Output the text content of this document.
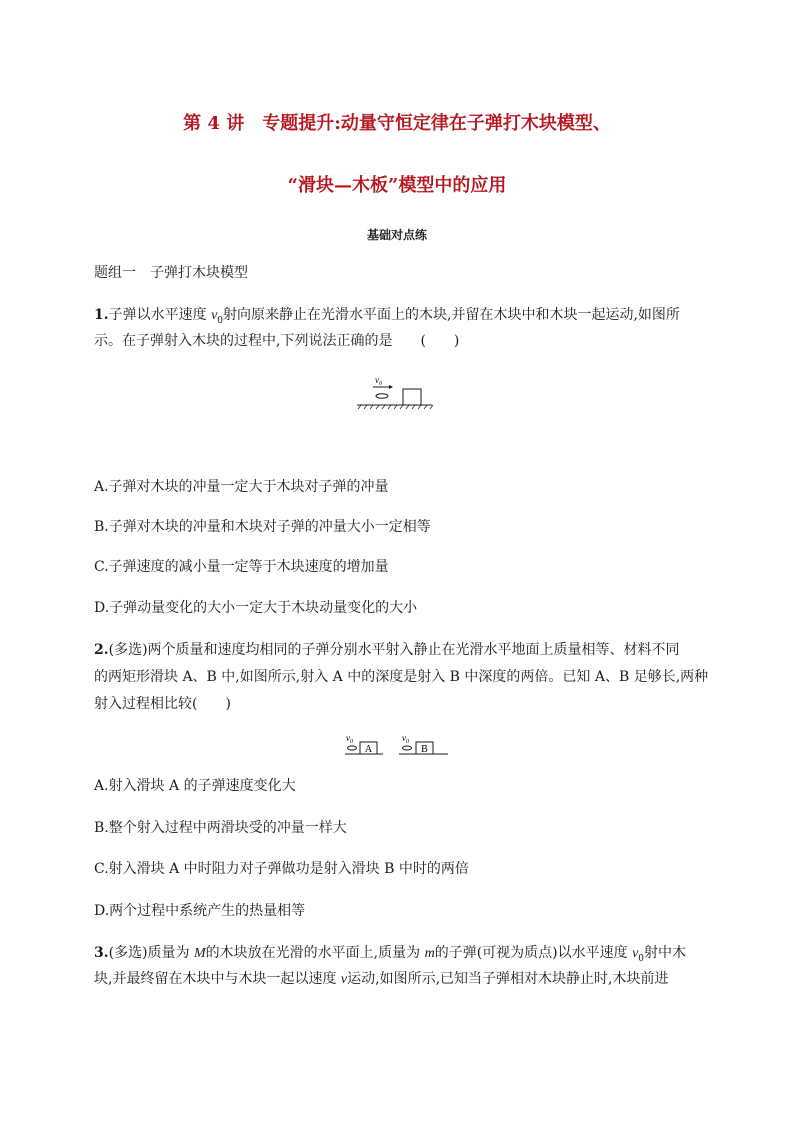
第 4 讲　专题提升:动量守恒定律在子弹打木块模型、
“滑块—木板”模型中的应用

基础对点练

题组一　子弹打木块模型

1.子弹以水平速度 $v_0$射向原来静止在光滑水平面上的木块,并留在木块中和木块一起运动,如图所

示。在子弹射入木块的过程中,下列说法正确的是　　(　　)

$v_0$

A.子弹对木块的冲量一定大于木块对子弹的冲量

B.子弹对木块的冲量和木块对子弹的冲量大小一定相等

C.子弹速度的减小量一定等于木块速度的增加量

D.子弹动量变化的大小一定大于木块动量变化的大小

2.(多选)两个质量和速度均相同的子弹分别水平射入静止在光滑水平地面上质量相等、材料不同

的两矩形滑块 A、B 中,如图所示,射入 A 中的深度是射入 B 中深度的两倍。已知 A、B 足够长,两种

射入过程相比较(　　)

$v_0$
A
$v_0$
B

A.射入滑块 A 的子弹速度变化大

B.整个射入过程中两滑块受的冲量一样大

C.射入滑块 A 中时阻力对子弹做功是射入滑块 B 中时的两倍

D.两个过程中系统产生的热量相等

3.(多选)质量为 M的木块放在光滑的水平面上,质量为 m的子弹(可视为质点)以水平速度 $v_0$射中木

块,并最终留在木块中与木块一起以速度 v运动,如图所示,已知当子弹相对木块静止时,木块前进
